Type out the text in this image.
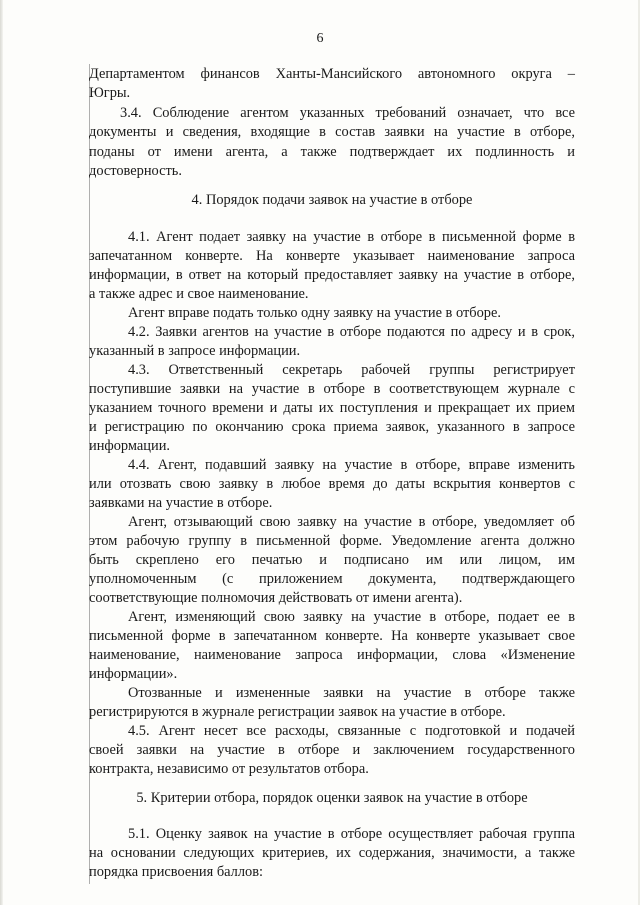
6
Департаментом финансов Ханты-Мансийского автономного округа –
Югры.
3.4. Соблюдение агентом указанных требований означает, что все
документы и сведения, входящие в состав заявки на участие в отборе,
поданы от имени агента, а также подтверждает их подлинность и
достоверность.
4. Порядок подачи заявок на участие в отборе
4.1. Агент подает заявку на участие в отборе в письменной форме в
запечатанном конверте. На конверте указывает наименование запроса
информации, в ответ на который предоставляет заявку на участие в отборе,
а также адрес и свое наименование.
Агент вправе подать только одну заявку на участие в отборе.
4.2. Заявки агентов на участие в отборе подаются по адресу и в срок,
указанный в запросе информации.
4.3. Ответственный секретарь рабочей группы регистрирует
поступившие заявки на участие в отборе в соответствующем журнале с
указанием точного времени и даты их поступления и прекращает их прием
и регистрацию по окончанию срока приема заявок, указанного в запросе
информации.
4.4. Агент, подавший заявку на участие в отборе, вправе изменить
или отозвать свою заявку в любое время до даты вскрытия конвертов с
заявками на участие в отборе.
Агент, отзывающий свою заявку на участие в отборе, уведомляет об
этом рабочую группу в письменной форме. Уведомление агента должно
быть скреплено его печатью и подписано им или лицом, им
уполномоченным (с приложением документа, подтверждающего
соответствующие полномочия действовать от имени агента).
Агент, изменяющий свою заявку на участие в отборе, подает ее в
письменной форме в запечатанном конверте. На конверте указывает свое
наименование, наименование запроса информации, слова «Изменение
информации».
Отозванные и измененные заявки на участие в отборе также
регистрируются в журнале регистрации заявок на участие в отборе.
4.5. Агент несет все расходы, связанные с подготовкой и подачей
своей заявки на участие в отборе и заключением государственного
контракта, независимо от результатов отбора.
5. Критерии отбора, порядок оценки заявок на участие в отборе
5.1. Оценку заявок на участие в отборе осуществляет рабочая группа
на основании следующих критериев, их содержания, значимости, а также
порядка присвоения баллов:
